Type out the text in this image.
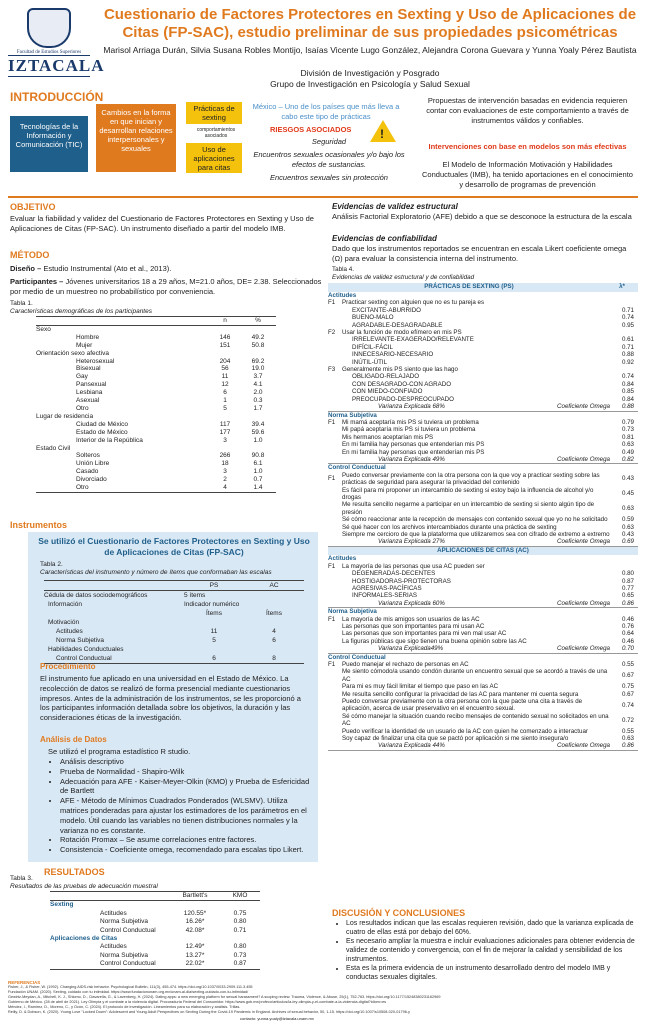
Facultad de Estudios Superiores
IZTACALA
Cuestionario de Factores Protectores en Sexting y Uso de Aplicaciones de Citas (FP-SAC), estudio preliminar de sus propiedades psicométricas
Marisol Arriaga Durán, Silvia Susana Robles Montijo, Isaías Vicente Lugo González, Alejandra Corona Guevara y Yunna Yoaly Pérez Bautista
División de Investigación y Posgrado
Grupo de Investigación en Psicología y Salud Sexual
INTRODUCCIÓN
Tecnologías de la Información y Comunicación (TIC)
Cambios en la forma en que inician y desarrollan relaciones interpersonales y sexuales
Prácticas de sexting
comportamientos asociados
Uso de aplicaciones para citas
México – Uno de los países que más lleva a cabo este tipo de prácticas
RIESGOS ASOCIADOS !
Seguridad
Encuentros sexuales ocasionales y/o bajo los efectos de sustancias.
Encuentros sexuales sin protección
Propuestas de intervención basadas en evidencia requieren contar con evaluaciones de este comportamiento a través de instrumentos válidos y confiables.
Intervenciones con base en modelos son más efectivas
El Modelo de Información Motivación y Habilidades Conductuales (IMB), ha tenido aportaciones en el conocimiento y desarrollo de programas de prevención
OBJETIVO
Evaluar la fiabilidad y validez del Cuestionario de Factores Protectores en Sexting y Uso de Aplicaciones de Citas (FP-SAC). Un instrumento diseñado a partir del modelo IMB.
MÉTODO
Diseño – Estudio Instrumental (Ato et al., 2013).
Participantes – Jóvenes universitarios 18 a 29 años, M=21.0 años, DE= 2.38. Seleccionados por medio de un muestreo no probabilístico por conveniencia.
Tabla 1.
Características demográficas de los participantes
	n	%
Sexo		
Hombre	146	49.2
Mujer	151	50.8
Orientación sexo afectiva		
Heterosexual	204	69.2
Bisexual	56	19.0
Gay	11	3.7
Pansexual	12	4.1
Lesbiana	6	2.0
Asexual	1	0.3
Otro	5	1.7
Lugar de residencia		
Ciudad de México	117	39.4
Estado de México	177	59.6
Interior de la República	3	1.0
Estado Civil		
Solteros	266	90.8
Unión Libre	18	6.1
Casado	3	1.0
Divorciado	2	0.7
Otro	4	1.4
Instrumentos
Se utilizó el Cuestionario de Factores Protectores en Sexting y Uso de Aplicaciones de Citas (FP-SAC)
Tabla 2.
Características del instrumento y número de ítems que conformaban las escalas
	PS	AC
Cédula de datos sociodemográficos	5 ítems	
Información	Indicador numérico	
	Ítems	Ítems
Motivación		
Actitudes	11	4
Norma Subjetiva	5	6
Habilidades Conductuales		
Control Conductual	6	8
Procedimiento
El instrumento fue aplicado en una universidad en el Estado de México. La recolección de datos se realizó de forma presencial mediante cuestionarios impresos. Antes de la administración de los instrumentos, se les proporcionó a los participantes información detallada sobre los objetivos, la duración y las consideraciones éticas de la investigación.
Análisis de Datos
Se utilizó el programa estadístico R studio.
• Análisis descriptivo
• Prueba de Normalidad - Shapiro-Wilk
• Adecuación para AFE - Kaiser-Meyer-Olkin (KMO) y Prueba de Esfericidad de Bartlett
• AFE - Método de Mínimos Cuadrados Ponderados (WLSMV). Utiliza matrices ponderadas para ajustar los estimadores de los parámetros en el modelo. Útil cuando las variables no tienen distribuciones normales y la varianza no es constante.
• Rotación Promax – Se asume correlaciones entre factores.
• Consistencia - Coeficiente omega, recomendado para escalas tipo Likert.
RESULTADOS
Tabla 3.
Resultados de las pruebas de adecuación muestral
	Bartlett's	KMO
Sexting		
Actitudes	120.55*	0.75
Norma Subjetiva	16.26*	0.80
Control Conductual	42.08*	0.71
Aplicaciones de Citas		
Actitudes	12.49*	0.80
Norma Subjetiva	13.27*	0.73
Control Conductual	22.02*	0.87
REFERENCIAS
Fisher, J., & Fisher, W. (1992). Changing AIDS-risk behavior. Psychological Bulletin, 111(3), 455-474. https://doi.org/10.1037/0033-2909.111.3.455
Fundación UNAM. (2020). Sexting, cuidado con tu intimidad. https://www.fundacionunam.org.mx/unam-al-dia/sexting-cuidado-con-tu-intimidad/
Gewirtz-Meydan, A., Mitchell, K. J., Shlomo, D., Ciavarella, G., & Lavenberg, H. (2024). Dating apps: a new emerging platform for sexual harassment? A scoping review. Trauma, Violence, & Abuse, 25(1), 752-763. https://doi.org/10.1177/15248380231162969
Gobierno de México. (28 de abril de 2021). Ley Olimpia y el combate a la violencia digital. Procuraduría Federal del Consumidor. https://www.gob.mx/profeco/articulos/la-ley-olimpia-y-el-combate-a-la-violencia-digital?idiom=es
Méndez, I., Ramírez, D., Moreno, C., y Ocón, C. (2024). El protocolo de investigación. Lineamientos para su elaboración y análisis. Trillas.
Reilly, D. & Dobson, K. (2020). Young Love "Locked Down": Adolescent and Young Adult Perspectives on Sexting During the Covid-19 Pandemic in England. Archives of sexual behavior, 50, 1-15. https://doi.org/10.1007/s10508-020-01796-y
contacto: yunna.yoaly@iztacala.unam.mx
Evidencias de validez estructural
Análisis Factorial Exploratorio (AFE) debido a que se desconoce la estructura de la escala
Evidencias de confiabilidad
Dado que los instrumentos reportados se encuentran en escala Likert coeficiente omega (Ω) para evaluar la consistencia interna del instrumento.
Tabla 4.
Evidencias de validez estructural y de confiabilidad
PRÁCTICAS DE SEXTING (PS)			λ*
Actitudes			
F1	Practicar sexting con alguien que no es tu pareja es		
	EXCITANTE-ABURRIDO		0.71
	BUENO-MALO		0.74
	AGRADABLE-DESAGRADABLE		0.95
F2	Usar la función de modo efímero en mis PS		
	IRRELEVANTE-EXAGERADO/RELEVANTE		0.61
	DIFÍCIL-FÁCIL		0.71
	INNECESARIO-NECESARIO		0.88
	INÚTIL-ÚTIL		0.92
F3	Generalmente mis PS siento que las hago		
	OBLIGADO-RELAJADO		0.74
	CON DESAGRADO-CON AGRADO		0.84
	CON MIEDO-CONFIADO		0.85
	PREOCUPADO-DESPREOCUPADO		0.84
Varianza Explicada 68%		Coeficiente Omega	0.88
Norma Subjetiva			
F1	Mi mamá aceptaría mis PS si tuviera un problema		0.79
	Mi papá aceptaría mis PS si tuviera un problema		0.73
	Mis hermanos aceptarían mis PS		0.81
	En mi familia hay personas que entenderían mis PS		0.63
	En mi familia hay personas que entenderían mis PS		0.49
Varianza Explicada 49%		Coeficiente Omega	0.82
Control Conductual			
F1	Puedo conversar previamente con la otra persona con la que voy a practicar sexting sobre las prácticas de seguridad para asegurar la privacidad del contenido		0.43
	Es fácil para mi proponer un intercambio de sexting si estoy bajo la influencia de alcohol y/o drogas		0.45
	Me resulta sencillo negarme a participar en un intercambio de sexting si siento algún tipo de presión		0.63
	Sé cómo reaccionar ante la recepción de mensajes con contenido sexual que yo no he solicitado		0.59
	Sé qué hacer con los archivos intercambiados durante una práctica de sexting		0.63
	Siempre me cercioro de que la plataforma que utilizaremos sea con cifrado de extremo a extremo		0.43
Varianza Explicada 27%		Coeficiente Omega	0.69
APLICACIONES DE CITAS (AC)			
Actitudes			
F1	La mayoría de las personas que usa AC pueden ser		
	DEGENERADAS-DECENTES		0.80
	HOSTIGADORAS-PROTECTORAS		0.87
	AGRESIVAS-PACÍFICAS		0.77
	INFORMALES-SERIAS		0.65
Varianza Explicada 60%		Coeficiente Omega	0.86
Norma Subjetiva			
F1	La mayoría de mis amigos son usuarios de las AC		0.46
	Las personas que son importantes para mi usan AC		0.76
	Las personas que son importantes para mi ven mal usar AC		0.64
	La figuras públicas que sigo tienen una buena opinión sobre las AC		0.46
Varianza Explicada49%		Coeficiente Omega	0.70
Control Conductual			
F1	Puedo manejar el rechazo de personas en AC		0.55
	Me siento cómodo/a usando condón durante un encuentro sexual que se acordó a través de una AC		0.67
	Para mi es muy fácil limitar el tiempo que paso en las AC		0.75
	Me resulta sencillo configurar la privacidad de las AC para mantener mi cuenta segura		0.67
	Puedo conversar previamente con la otra persona con la que pacte una cita a través de aplicación, acerca de usar preservativo en el encuentro sexual.		0.74
	Sé cómo manejar la situación cuando recibo mensajes de contenido sexual no solicitados en una AC		0.72
	Puedo verificar la identidad de un usuario de la AC con quien he comenzado a interactuar		0.55
	Soy capaz de finalizar una cita que se pactó por aplicación si me siento insegura/o		0.63
Varianza Explicada 44%		Coeficiente Omega	0.86
DISCUSIÓN Y CONCLUSIONES
• Los resultados indican que las escalas requieren revisión, dado que la varianza explicada de cuatro de ellas está por debajo del 60%.
• Es necesario ampliar la muestra e incluir evaluaciones adicionales para obtener evidencia de validez de contenido y convergencia, con el fin de mejorar la calidad y sensibilidad de los instrumentos.
• Esta es la primera evidencia de un instrumento desarrollado dentro del modelo IMB y conductas sexuales digitales.
